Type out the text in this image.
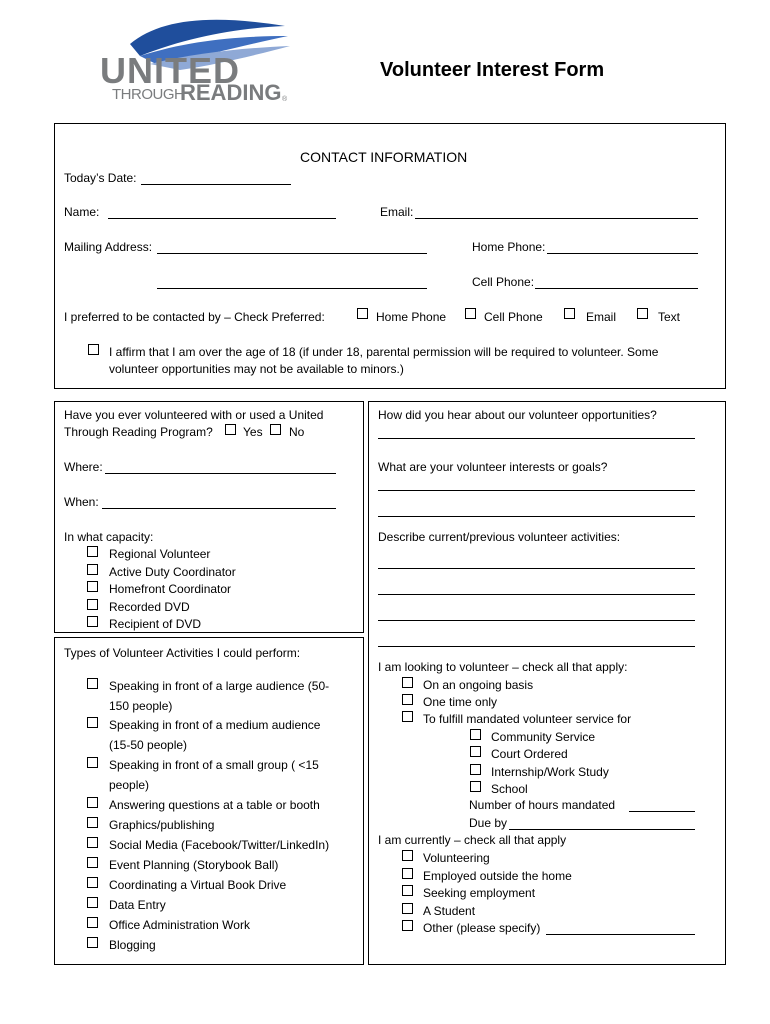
UNITED
THROUGH
READING ®
Volunteer Interest Form
CONTACT INFORMATION
Today’s Date:
Name:	Email:
Mailing Address:	Home Phone:
Cell Phone:
I preferred to be contacted by – Check Preferred:	Home Phone	Cell Phone	Email	Text
I affirm that I am over the age of 18 (if under 18, parental permission will be required to volunteer. Some
volunteer opportunities may not be available to minors.)
Have you ever volunteered with or used a United
Through Reading Program?	Yes No
Where:
When:
In what capacity:
Regional Volunteer
Active Duty Coordinator
Homefront Coordinator
Recorded DVD
Recipient of DVD
Types of Volunteer Activities I could perform:
Speaking in front of a large audience (50-
150 people)
Speaking in front of a medium audience
(15-50 people)
Speaking in front of a small group ( <15
people)
Answering questions at a table or booth
Graphics/publishing
Social Media (Facebook/Twitter/LinkedIn)
Event Planning (Storybook Ball)
Coordinating a Virtual Book Drive
Data Entry
Office Administration Work
Blogging
How did you hear about our volunteer opportunities?
What are your volunteer interests or goals?
Describe current/previous volunteer activities:
I am looking to volunteer – check all that apply:
On an ongoing basis
One time only
To fulfill mandated volunteer service for
Community Service
Court Ordered
Internship/Work Study
School
Number of hours mandated
Due by
I am currently – check all that apply
Volunteering
Employed outside the home
Seeking employment
A Student
Other (please specify)
